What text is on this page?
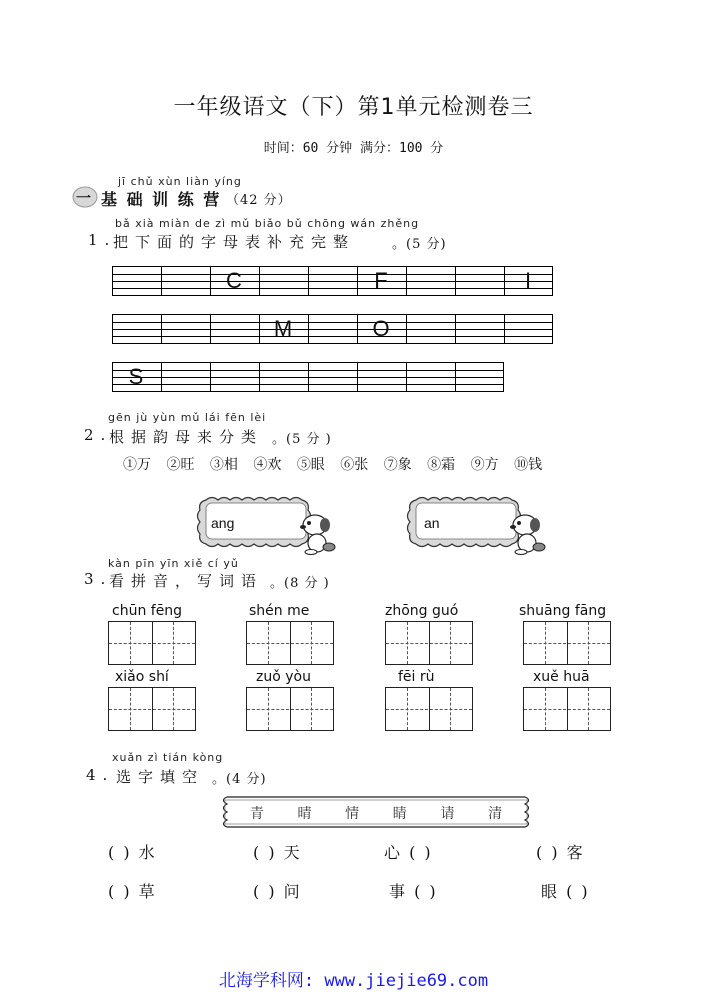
一年级语文（下）第1单元检测卷三
时间：60 分钟 满分：100 分
jī chǔ xùn liàn yíng
一 基 础 训 练 营 （42 分）
bǎ xià miàn de zì mǔ biǎo bǔ chōng wán zhěng
1.
把下面的字母表补充完整	。(5 分)
C	F	I
M	O
S
gēn jù yùn mǔ lái fēn lèi
2.
根据韵母来分类 。(5 分 )
①万 ②旺 ③相 ④欢 ⑤眼 ⑥张 ⑦象 ⑧霜 ⑨方 ⑩钱
ang	an
kàn pīn yīn xiě cí yǔ
3.
看拼音，写词语 。(8 分 )
chūn fēng	shén me	zhōng guó	shuāng fāng
xiǎo shí	zuǒ yòu	fēi rù	xuě huā
xuǎn zì tián kòng
4. 选字填空 。(4 分)
青 晴 情 睛 请 清
( ) 水	( ) 天	心 ( )	( ) 客
( ) 草	( ) 问	事 ( )	眼 ( )
北海学科网: www.jiejie69.com
